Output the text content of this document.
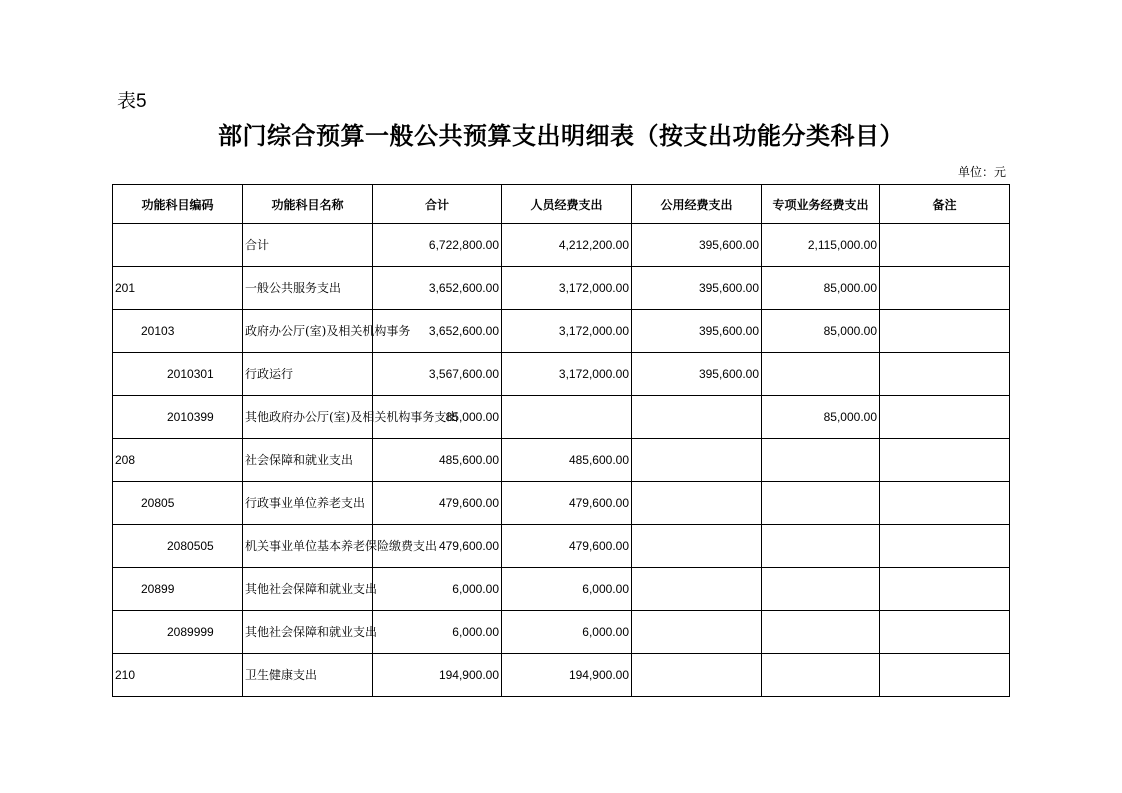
表5
部门综合预算一般公共预算支出明细表（按支出功能分类科目）
单位：元
功能科目编码	功能科目名称	合计	人员经费支出	公用经费支出	专项业务经费支出	备注
	合计	6,722,800.00	4,212,200.00	395,600.00	2,115,000.00	
201	一般公共服务支出	3,652,600.00	3,172,000.00	395,600.00	85,000.00	
20103	政府办公厅(室)及相关机构事务	3,652,600.00	3,172,000.00	395,600.00	85,000.00	
2010301	行政运行	3,567,600.00	3,172,000.00	395,600.00		
2010399	其他政府办公厅(室)及相关机构事务支出	85,000.00			85,000.00	
208	社会保障和就业支出	485,600.00	485,600.00			
20805	行政事业单位养老支出	479,600.00	479,600.00			
2080505	机关事业单位基本养老保险缴费支出	479,600.00	479,600.00			
20899	其他社会保障和就业支出	6,000.00	6,000.00			
2089999	其他社会保障和就业支出	6,000.00	6,000.00			
210	卫生健康支出	194,900.00	194,900.00			
